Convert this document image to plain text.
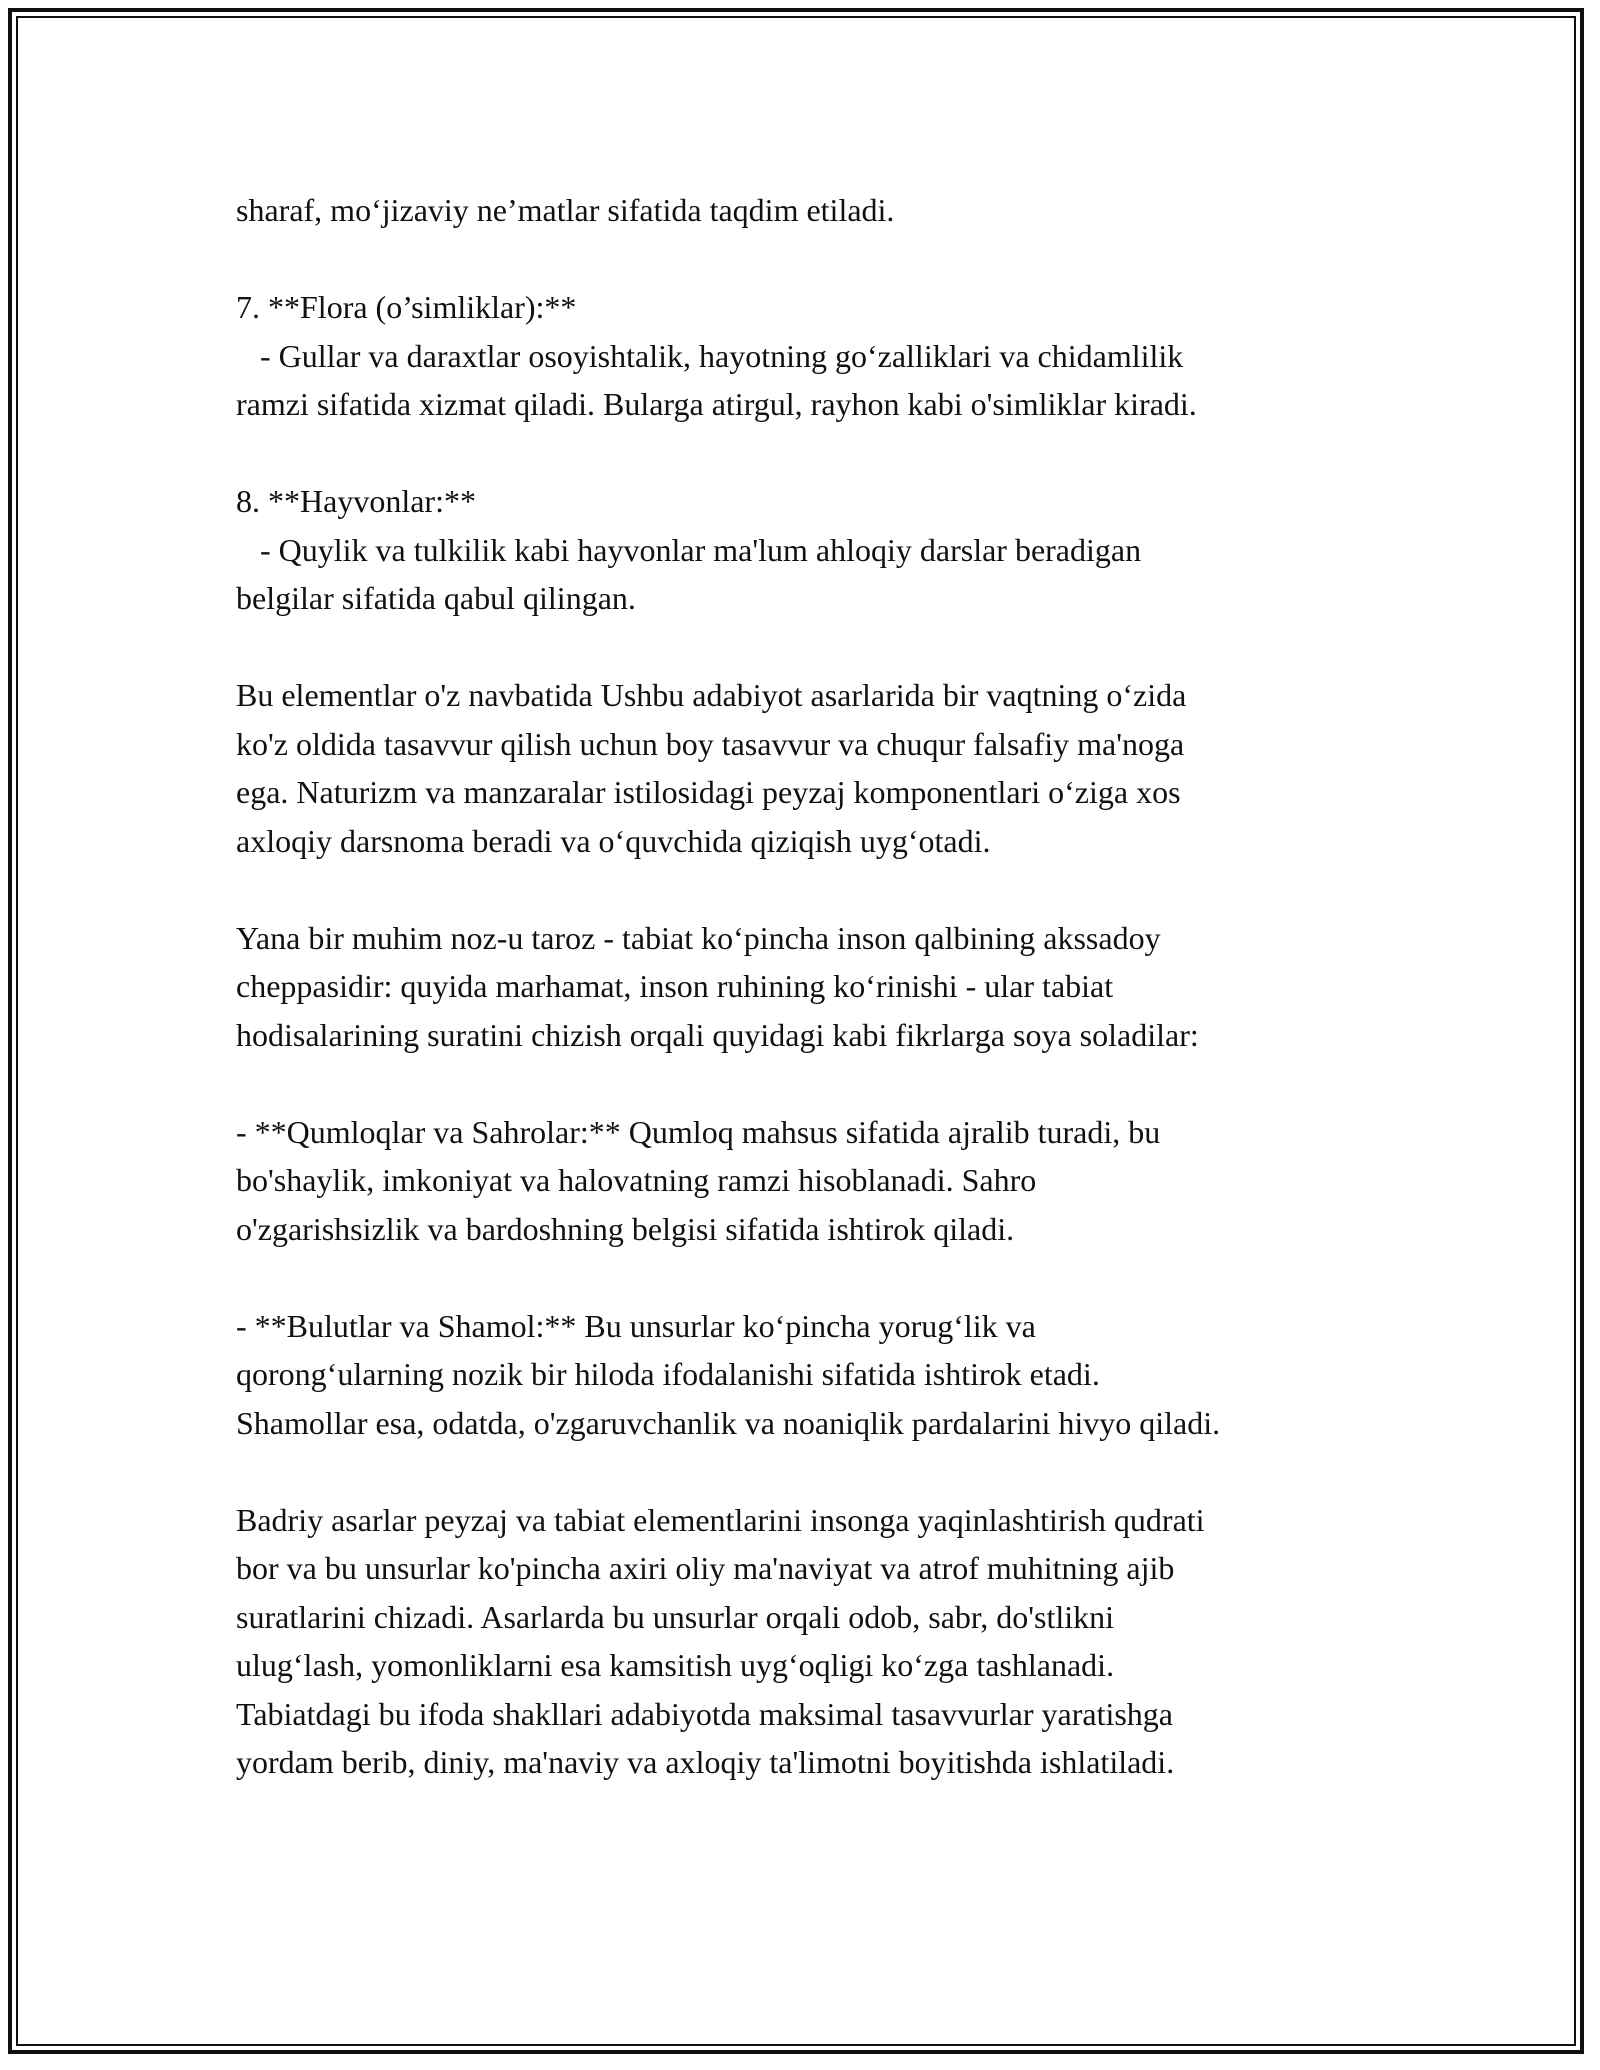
sharaf, mo‘jizaviy ne’matlar sifatida taqdim etiladi.

7. **Flora (o’simliklar):**

- Gullar va daraxtlar osoyishtalik, hayotning go‘zalliklari va chidamlilik

ramzi sifatida xizmat qiladi. Bularga atirgul, rayhon kabi o'simliklar kiradi.

8. **Hayvonlar:**

- Quylik va tulkilik kabi hayvonlar ma'lum ahloqiy darslar beradigan

belgilar sifatida qabul qilingan.

Bu elementlar o'z navbatida Ushbu adabiyot asarlarida bir vaqtning o‘zida

ko'z oldida tasavvur qilish uchun boy tasavvur va chuqur falsafiy ma'noga

ega. Naturizm va manzaralar istilosidagi peyzaj komponentlari o‘ziga xos

axloqiy darsnoma beradi va o‘quvchida qiziqish uyg‘otadi.

Yana bir muhim noz-u taroz - tabiat ko‘pincha inson qalbining akssadoy

cheppasidir: quyida marhamat, inson ruhining ko‘rinishi - ular tabiat

hodisalarining suratini chizish orqali quyidagi kabi fikrlarga soya soladilar:

- **Qumloqlar va Sahrolar:** Qumloq mahsus sifatida ajralib turadi, bu

bo'shaylik, imkoniyat va halovatning ramzi hisoblanadi. Sahro

o'zgarishsizlik va bardoshning belgisi sifatida ishtirok qiladi.

- **Bulutlar va Shamol:** Bu unsurlar ko‘pincha yorug‘lik va

qorong‘ularning nozik bir hiloda ifodalanishi sifatida ishtirok etadi.

Shamollar esa, odatda, o'zgaruvchanlik va noaniqlik pardalarini hivyo qiladi.

Badriy asarlar peyzaj va tabiat elementlarini insonga yaqinlashtirish qudrati

bor va bu unsurlar ko'pincha axiri oliy ma'naviyat va atrof muhitning ajib

suratlarini chizadi. Asarlarda bu unsurlar orqali odob, sabr, do'stlikni

ulug‘lash, yomonliklarni esa kamsitish uyg‘oqligi ko‘zga tashlanadi.

Tabiatdagi bu ifoda shakllari adabiyotda maksimal tasavvurlar yaratishga

yordam berib, diniy, ma'naviy va axloqiy ta'limotni boyitishda ishlatiladi.
